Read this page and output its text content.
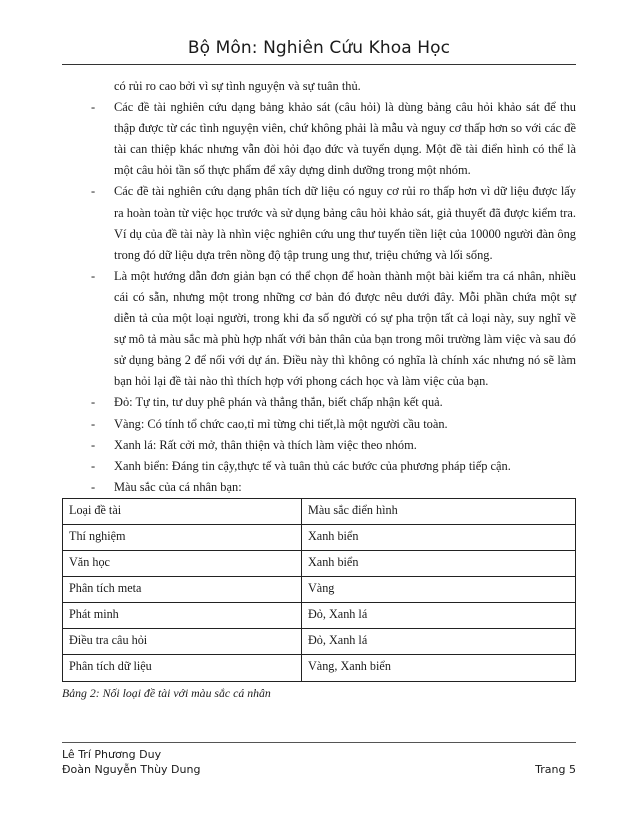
Bộ Môn: Nghiên Cứu Khoa Học
có rủi ro cao bởi vì sự tình nguyện và sự tuân thủ.
- Các đề tài nghiên cứu dạng bảng khảo sát (câu hỏi) là dùng bảng câu hỏi khảo sát để thu thập được từ các tình nguyện viên, chứ không phải là mẫu và nguy cơ thấp hơn so với các đề tài can thiệp khác nhưng vẫn đòi hỏi đạo đức và tuyển dụng. Một đề tài điển hình có thể là một câu hỏi tần số thực phẩm để xây dựng dinh dưỡng trong một nhóm.
- Các đề tài nghiên cứu dạng phân tích dữ liệu có nguy cơ rủi ro thấp hơn vì dữ liệu được lấy ra hoàn toàn từ việc học trước và sử dụng bảng câu hỏi khảo sát, giả thuyết đã được kiểm tra. Ví dụ của đề tài này là nhìn việc nghiên cứu ung thư tuyến tiền liệt của 10000 người đàn ông trong đó dữ liệu dựa trên nồng độ tập trung ung thư, triệu chứng và lối sống.
- Là một hướng dẫn đơn giản bạn có thể chọn để hoàn thành một bài kiểm tra cá nhân, nhiều cái có sẵn, nhưng một trong những cơ bản đó được nêu dưới đây. Mỗi phần chứa một sự diễn tả của một loại người, trong khi đa số người có sự pha trộn tất cả loại này, suy nghĩ về sự mô tả màu sắc mà phù hợp nhất với bản thân của bạn trong môi trường làm việc và sau đó sử dụng bảng 2 để nối với dự án. Điều này thì không có nghĩa là chính xác nhưng nó sẽ làm bạn hỏi lại đề tài nào thì thích hợp với phong cách học và làm việc của bạn.
- Đỏ: Tự tin, tư duy phê phán và thẳng thắn, biết chấp nhận kết quả.
- Vàng: Có tính tổ chức cao,tỉ mỉ từng chi tiết,là một người cầu toàn.
- Xanh lá: Rất cởi mở, thân thiện và thích làm việc theo nhóm.
- Xanh biển: Đáng tin cậy,thực tế và tuân thủ các bước của phương pháp tiếp cận.
- Màu sắc của cá nhân bạn:
Loại đề tài	Màu sắc điển hình
Thí nghiệm	Xanh biển
Văn học	Xanh biển
Phân tích meta	Vàng
Phát minh	Đỏ, Xanh lá
Điều tra câu hỏi	Đỏ, Xanh lá
Phân tích dữ liệu	Vàng, Xanh biển
Bảng 2: Nối loại đề tài với màu sắc cá nhân
Lê Trí Phương Duy
Đoàn Nguyễn Thùy Dung	Trang 5
